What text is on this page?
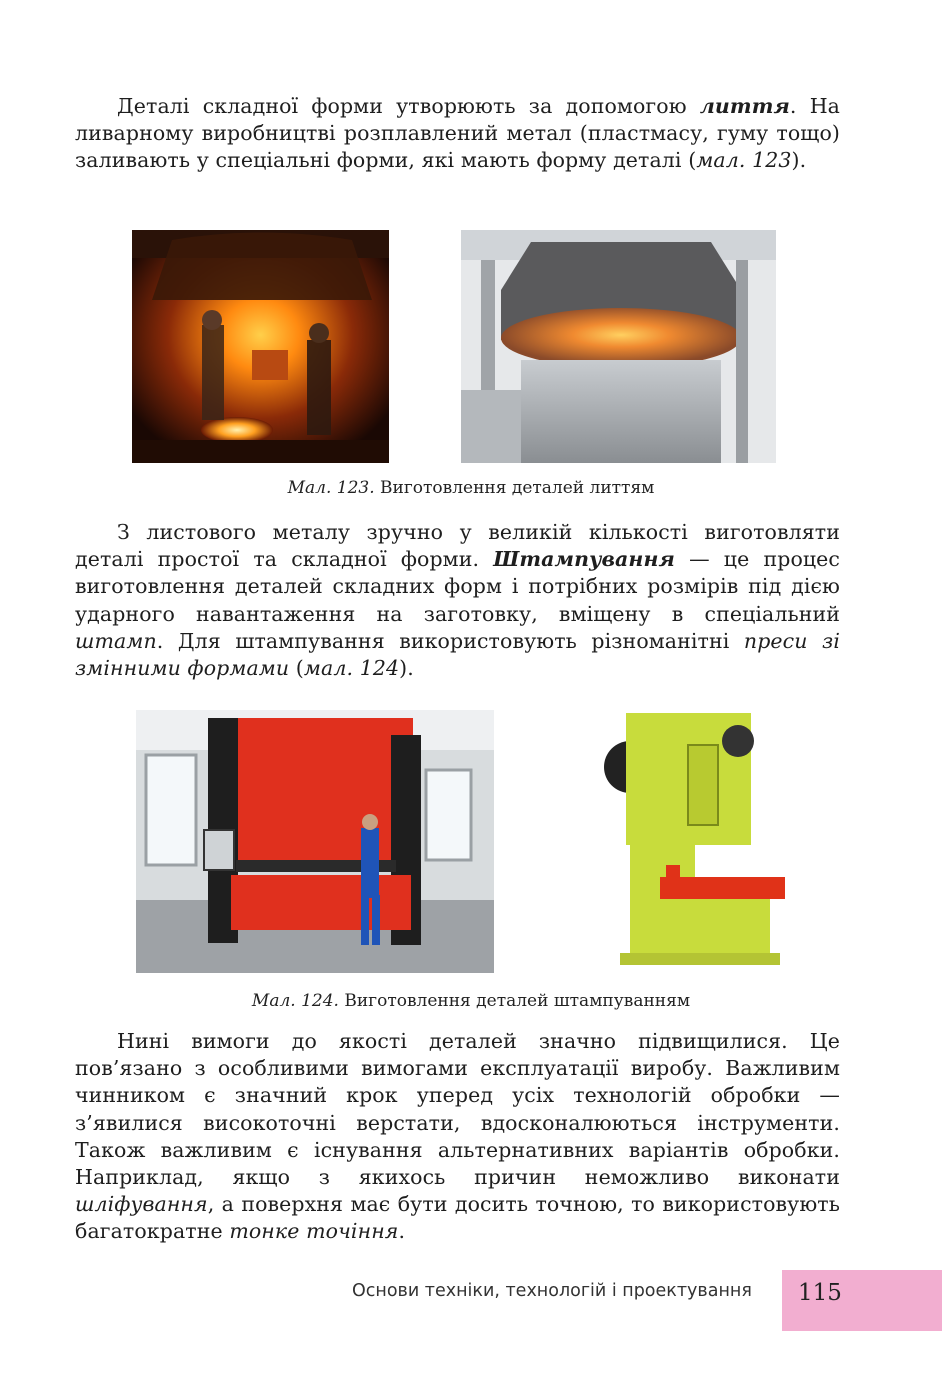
Деталі складної форми утворюють за допомогою лиття. На ливарному виробництві розплавлений метал (пластмасу, гуму тощо) заливають у спеціальні форми, які мають форму деталі (мал. 123).

Мал. 123. Виготовлення деталей литтям

З листового металу зручно у великій кількості виготовляти деталі простої та складної форми. Штампування — це процес виготовлення деталей складних форм і потрібних розмірів під дією ударного навантаження на заготовку, вміщену в спеціальний штамп. Для штампування використовують різноманітні преси зі змінними формами (мал. 124).

Мал. 124. Виготовлення деталей штампуванням

Нині вимоги до якості деталей значно підвищилися. Це пов’язано з особливими вимогами експлуатації виробу. Важливим чинником є значний крок уперед усіх технологій обробки — з’явилися високоточні верстати, вдосконалюються інструменти. Також важливим є існування альтернативних варіантів обробки. Наприклад, якщо з якихось причин неможливо виконати шліфування, а поверхня має бути досить точною, то використовують багатократне тонке точіння.

Основи техніки, технологій і проектування 115
